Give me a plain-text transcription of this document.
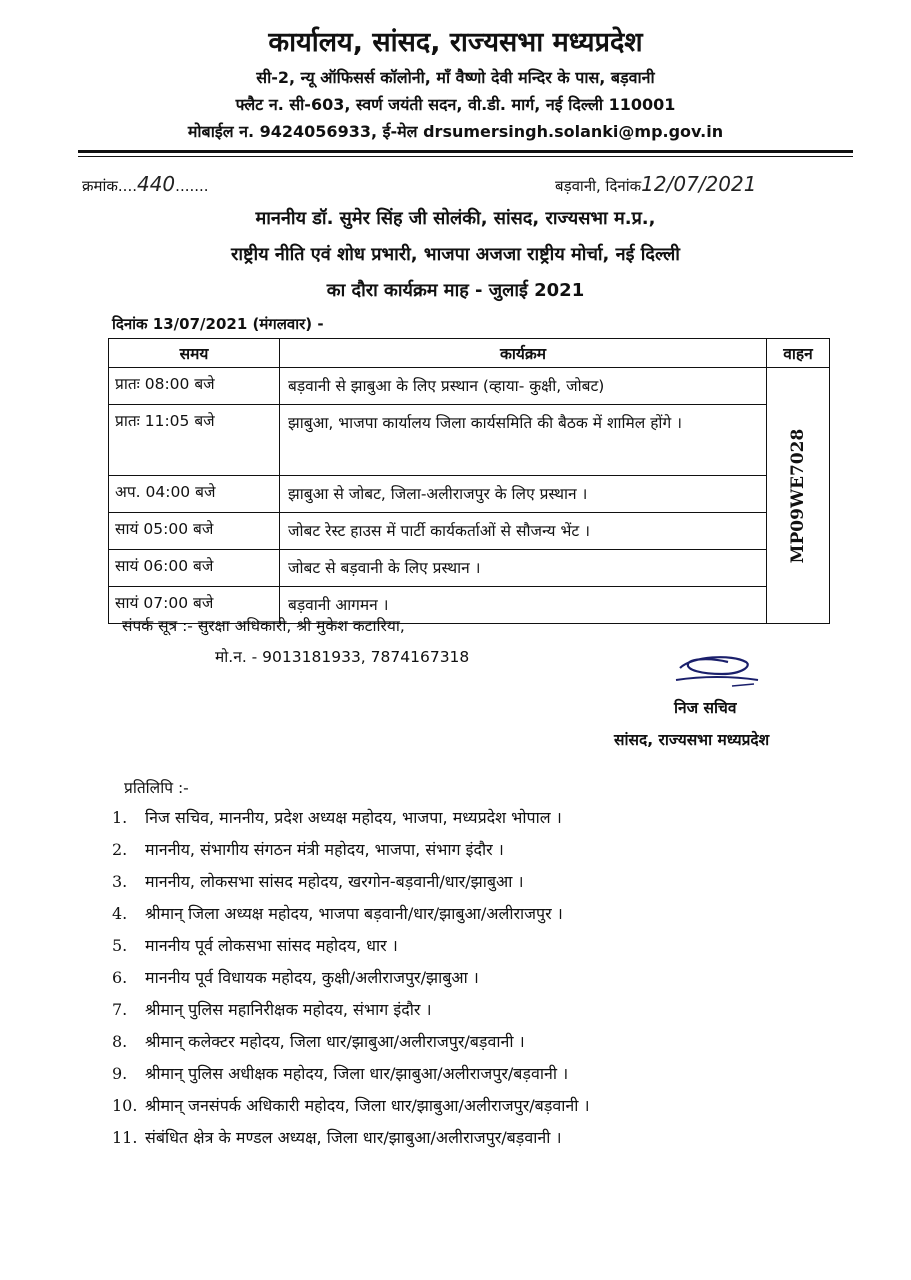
कार्यालय, सांसद, राज्यसभा मध्यप्रदेश
सी-2, न्यू ऑफिसर्स कॉलोनी, माँ वैष्णो देवी मन्दिर के पास, बड़वानी
फ्लैट न. सी-603, स्वर्ण जयंती सदन, वी.डी. मार्ग, नई दिल्ली 110001
मोबाईल न. 9424056933, ई-मेल drsumersingh.solanki@mp.gov.in
क्रमांक....440.......	बड़वानी, दिनांक12/07/2021
माननीय डॉ. सुमेर सिंह जी सोलंकी, सांसद, राज्यसभा म.प्र.,
राष्ट्रीय नीति एवं शोध प्रभारी, भाजपा अजजा राष्ट्रीय मोर्चा, नई दिल्ली
का दौरा कार्यक्रम माह - जुलाई 2021
दिनांक 13/07/2021 (मंगलवार) -
समय	कार्यक्रम	वाहन
प्रातः 08:00 बजे	बड़वानी से झाबुआ के लिए प्रस्थान (व्हाया- कुक्षी, जोबट)	MP09WE7028

प्रातः 11:05 बजे	झाबुआ, भाजपा कार्यालय जिला कार्यसमिति की बैठक में शामिल होंगे ।	
अप. 04:00 बजे	झाबुआ से जोबट, जिला-अलीराजपुर के लिए प्रस्थान ।	
सायं 05:00 बजे	जोबट रेस्ट हाउस में पार्टी कार्यकर्ताओं से सौजन्य भेंट ।	
सायं 06:00 बजे	जोबट से बड़वानी के लिए प्रस्थान ।	
सायं 07:00 बजे	बड़वानी आगमन ।	
संपर्क सूत्र :- सुरक्षा अधिकारी, श्री मुकेश कटारिया,
मो.न. - 9013181933, 7874167318
निज सचिव
सांसद, राज्यसभा मध्यप्रदेश
प्रतिलिपि :-
1. निज सचिव, माननीय, प्रदेश अध्यक्ष महोदय, भाजपा, मध्यप्रदेश भोपाल ।
2. माननीय, संभागीय संगठन मंत्री महोदय, भाजपा, संभाग इंदौर ।
3. माननीय, लोकसभा सांसद महोदय, खरगोन-बड़वानी/धार/झाबुआ ।
4. श्रीमान् जिला अध्यक्ष महोदय, भाजपा बड़वानी/धार/झाबुआ/अलीराजपुर ।
5. माननीय पूर्व लोकसभा सांसद महोदय, धार ।
6. माननीय पूर्व विधायक महोदय, कुक्षी/अलीराजपुर/झाबुआ ।
7. श्रीमान् पुलिस महानिरीक्षक महोदय, संभाग इंदौर ।
8. श्रीमान् कलेक्टर महोदय, जिला धार/झाबुआ/अलीराजपुर/बड़वानी ।
9. श्रीमान् पुलिस अधीक्षक महोदय, जिला धार/झाबुआ/अलीराजपुर/बड़वानी ।
10. श्रीमान् जनसंपर्क अधिकारी महोदय, जिला धार/झाबुआ/अलीराजपुर/बड़वानी ।
11. संबंधित क्षेत्र के मण्डल अध्यक्ष, जिला धार/झाबुआ/अलीराजपुर/बड़वानी ।
